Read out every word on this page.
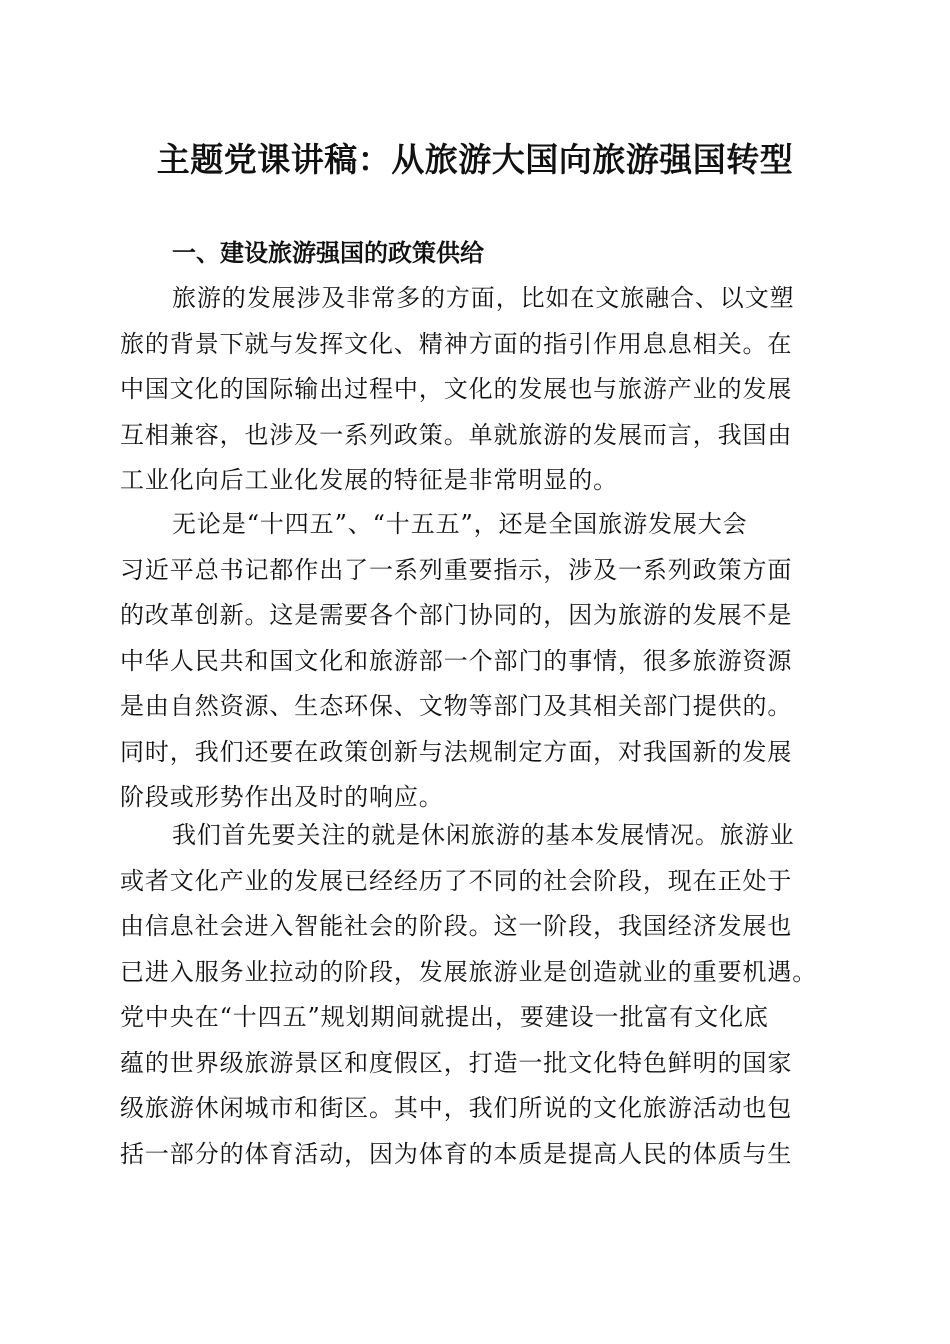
主题党课讲稿：从旅游大国向旅游强国转型
一、建设旅游强国的政策供给
旅游的发展涉及非常多的方面，比如在文旅融合、以文塑
旅的背景下就与发挥文化、精神方面的指引作用息息相关。在
中国文化的国际输出过程中，文化的发展也与旅游产业的发展
互相兼容，也涉及一系列政策。单就旅游的发展而言，我国由
工业化向后工业化发展的特征是非常明显的。
无论是“十四五”、“十五五”，还是全国旅游发展大会
习近平总书记都作出了一系列重要指示，涉及一系列政策方面
的改革创新。这是需要各个部门协同的，因为旅游的发展不是
中华人民共和国文化和旅游部一个部门的事情，很多旅游资源
是由自然资源、生态环保、文物等部门及其相关部门提供的。
同时，我们还要在政策创新与法规制定方面，对我国新的发展
阶段或形势作出及时的响应。
我们首先要关注的就是休闲旅游的基本发展情况。旅游业
或者文化产业的发展已经经历了不同的社会阶段，现在正处于
由信息社会进入智能社会的阶段。这一阶段，我国经济发展也
已进入服务业拉动的阶段，发展旅游业是创造就业的重要机遇。
党中央在“十四五”规划期间就提出，要建设一批富有文化底
蕴的世界级旅游景区和度假区，打造一批文化特色鲜明的国家
级旅游休闲城市和街区。其中，我们所说的文化旅游活动也包
括一部分的体育活动，因为体育的本质是提高人民的体质与生
